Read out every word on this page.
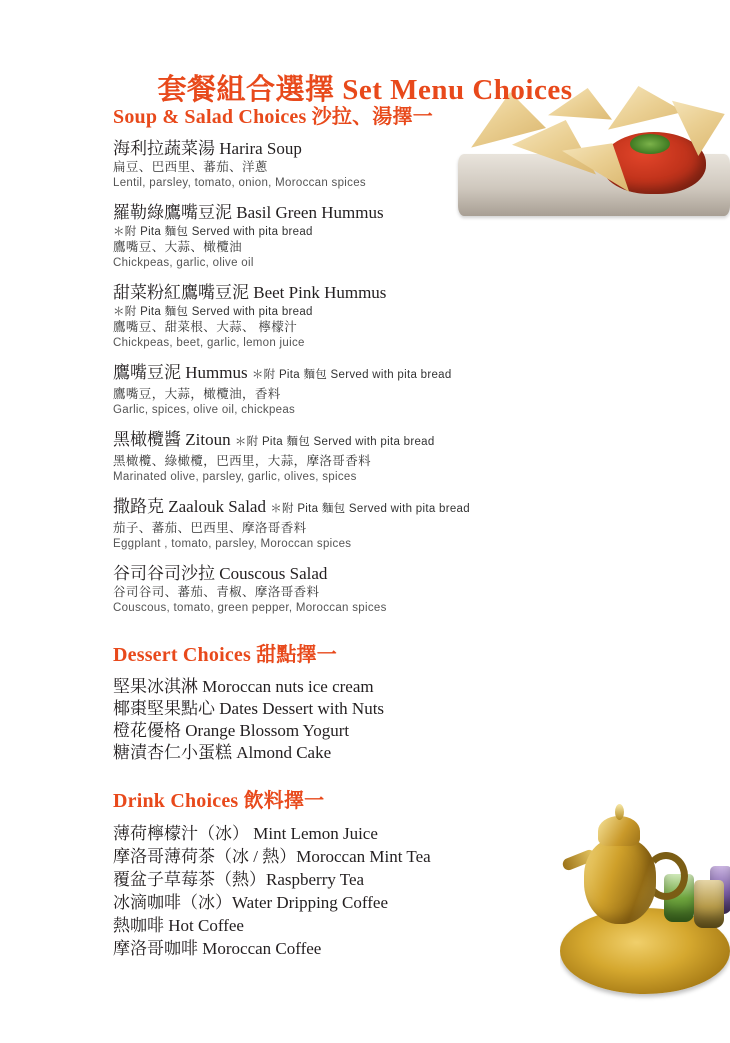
套餐組合選擇 Set Menu Choices
Soup & Salad Choices 沙拉、湯擇一
海利拉蔬菜湯 Harira Soup
扁豆、巴西里、蕃茄、洋蔥
Lentil, parsley, tomato, onion, Moroccan spices
羅勒綠鷹嘴豆泥 Basil Green Hummus
＊附 Pita 麵包 Served with pita bread
鷹嘴豆、大蒜、橄欖油
Chickpeas, garlic, olive oil
甜菜粉紅鷹嘴豆泥 Beet Pink Hummus
＊附 Pita 麵包 Served with pita bread
鷹嘴豆、甜菜根、大蒜、 檸檬汁
Chickpeas, beet, garlic, lemon juice
鷹嘴豆泥 Hummus ＊附 Pita 麵包 Served with pita bread
鷹嘴豆，大蒜，橄欖油，香料
Garlic, spices, olive oil, chickpeas
黑橄欖醬 Zitoun ＊附 Pita 麵包 Served with pita bread
黑橄欖、綠橄欖，巴西里，大蒜，摩洛哥香料
Marinated olive, parsley, garlic, olives, spices
撒路克 Zaalouk Salad ＊附 Pita 麵包 Served with pita bread
茄子、蕃茄、巴西里、摩洛哥香料
Eggplant , tomato, parsley, Moroccan spices
谷司谷司沙拉 Couscous Salad
谷司谷司、蕃茄、青椒、摩洛哥香料
Couscous, tomato, green pepper, Moroccan spices
Dessert Choices 甜點擇一
堅果冰淇淋 Moroccan nuts ice cream
椰棗堅果點心 Dates Dessert with Nuts
橙花優格 Orange Blossom Yogurt
糖漬杏仁小蛋糕 Almond Cake
Drink Choices 飲料擇一
薄荷檸檬汁（冰） Mint Lemon Juice
摩洛哥薄荷茶（冰 / 熱）Moroccan Mint Tea
覆盆子草莓茶（熱）Raspberry Tea
冰滴咖啡（冰）Water Dripping Coffee
熱咖啡 Hot Coffee
摩洛哥咖啡 Moroccan Coffee
